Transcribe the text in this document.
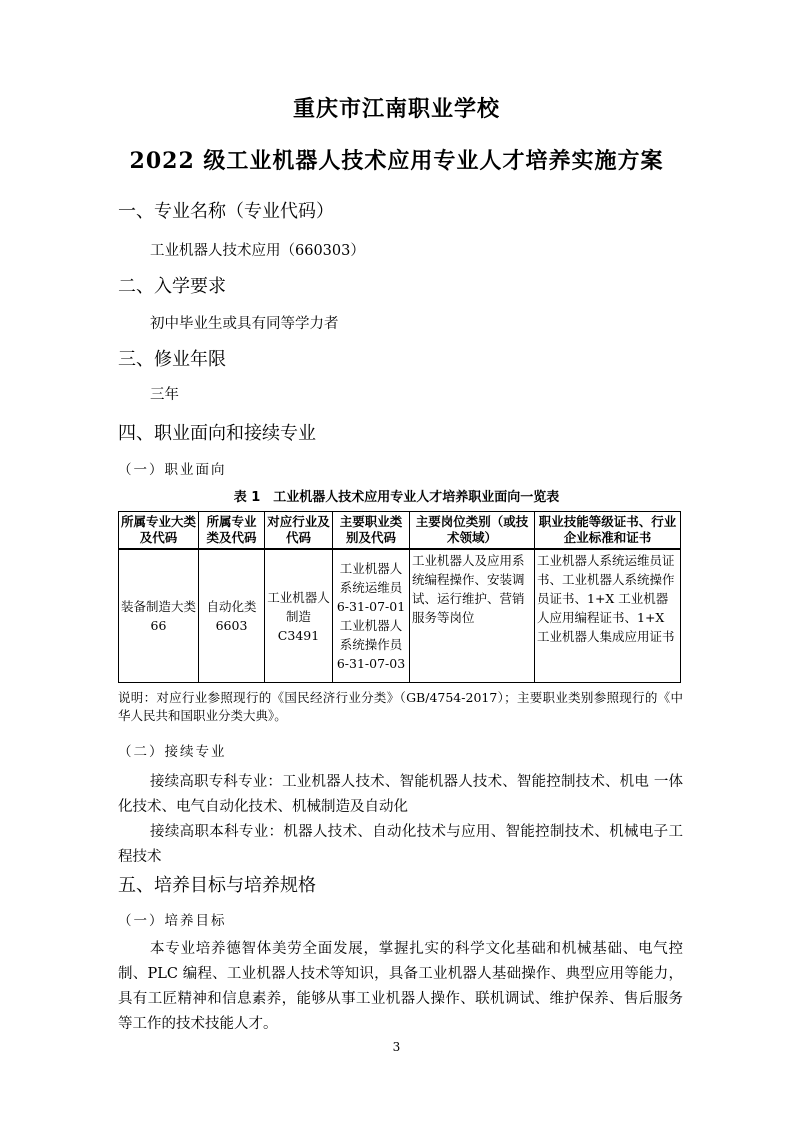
重庆市江南职业学校
2022 级工业机器人技术应用专业人才培养实施方案
一、专业名称（专业代码）
工业机器人技术应用（660303）
二、入学要求
初中毕业生或具有同等学力者
三、修业年限
三年
四、职业面向和接续专业
（一）职业面向
表 1　工业机器人技术应用专业人才培养职业面向一览表
所属专业大类及代码	所属专业类及代码	对应行业及代码	主要职业类别及代码	主要岗位类别（或技术领域）	职业技能等级证书、行业企业标准和证书
装备制造大类 66	自动化类 6603	工业机器人制造 C3491	工业机器人系统运维员 6-31-07-01 工业机器人系统操作员 6-31-07-03	工业机器人及应用系统编程操作、安装调试、运行维护、营销服务等岗位	工业机器人系统运维员证书、工业机器人系统操作员证书、1+X 工业机器人应用编程证书、1+X 工业机器人集成应用证书
说明：对应行业参照现行的《国民经济行业分类》（GB/4754-2017）；主要职业类别参照现行的《中华人民共和国职业分类大典》。
（二）接续专业
接续高职专科专业：工业机器人技术、智能机器人技术、智能控制技术、机电 一体化技术、电气自动化技术、机械制造及自动化
接续高职本科专业：机器人技术、自动化技术与应用、智能控制技术、机械电子工程技术
五、培养目标与培养规格
（一）培养目标
本专业培养德智体美劳全面发展，掌握扎实的科学文化基础和机械基础、电气控制、PLC 编程、工业机器人技术等知识，具备工业机器人基础操作、典型应用等能力，具有工匠精神和信息素养，能够从事工业机器人操作、联机调试、维护保养、售后服务等工作的技术技能人才。
3
